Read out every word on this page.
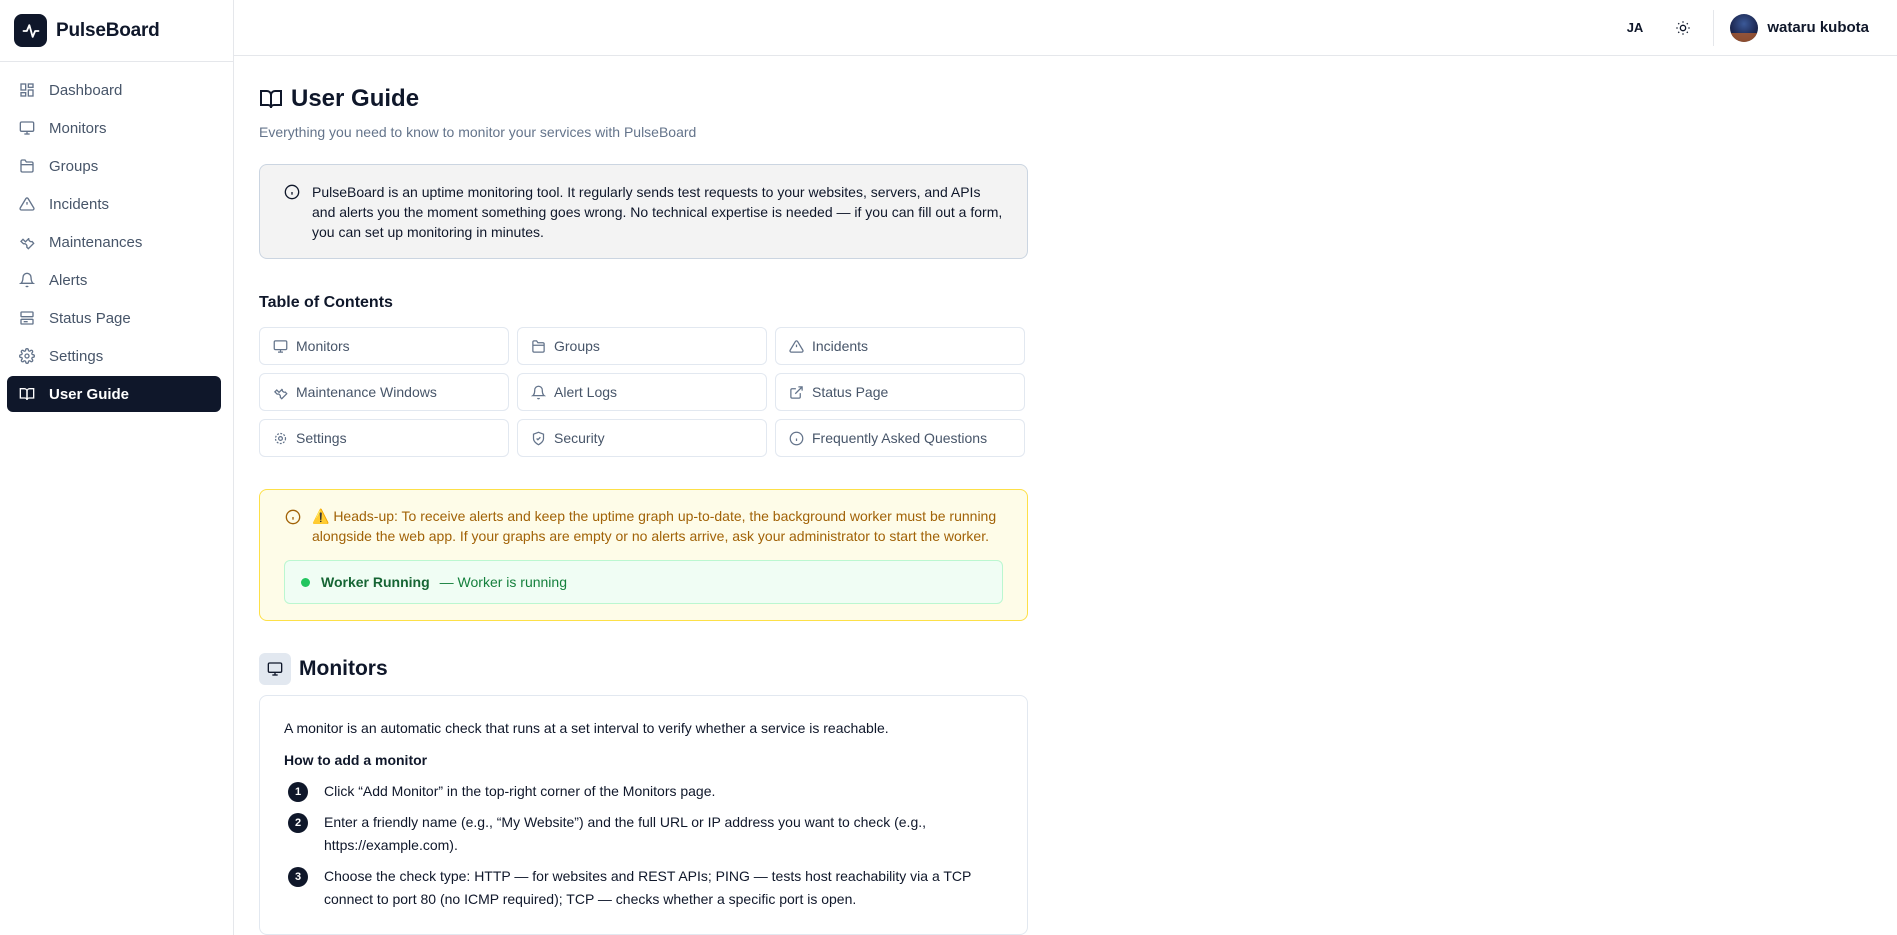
PulseBoard
Dashboard
Monitors
Groups
Incidents
Maintenances
Alerts
Status Page
Settings
User Guide
JA	wataru kubota
User Guide
Everything you need to know to monitor your services with PulseBoard
PulseBoard is an uptime monitoring tool. It regularly sends test requests to your websites, servers, and APIs and alerts you the moment something goes wrong. No technical expertise is needed — if you can fill out a form, you can set up monitoring in minutes.
Table of Contents
Monitors	Groups	Incidents
Maintenance Windows	Alert Logs	Status Page
Settings	Security	Frequently Asked Questions
⚠️ Heads-up: To receive alerts and keep the uptime graph up-to-date, the background worker must be running alongside the web app. If your graphs are empty or no alerts arrive, ask your administrator to start the worker.
Worker Running — Worker is running
Monitors

A monitor is an automatic check that runs at a set interval to verify whether a service is reachable.

How to add a monitor
1	Click “Add Monitor” in the top-right corner of the Monitors page.
2	Enter a friendly name (e.g., “My Website”) and the full URL or IP address you want to check (e.g., https://example.com).
3	Choose the check type: HTTP — for websites and REST APIs; PING — tests host reachability via a TCP connect to port 80 (no ICMP required); TCP — checks whether a specific port is open.
